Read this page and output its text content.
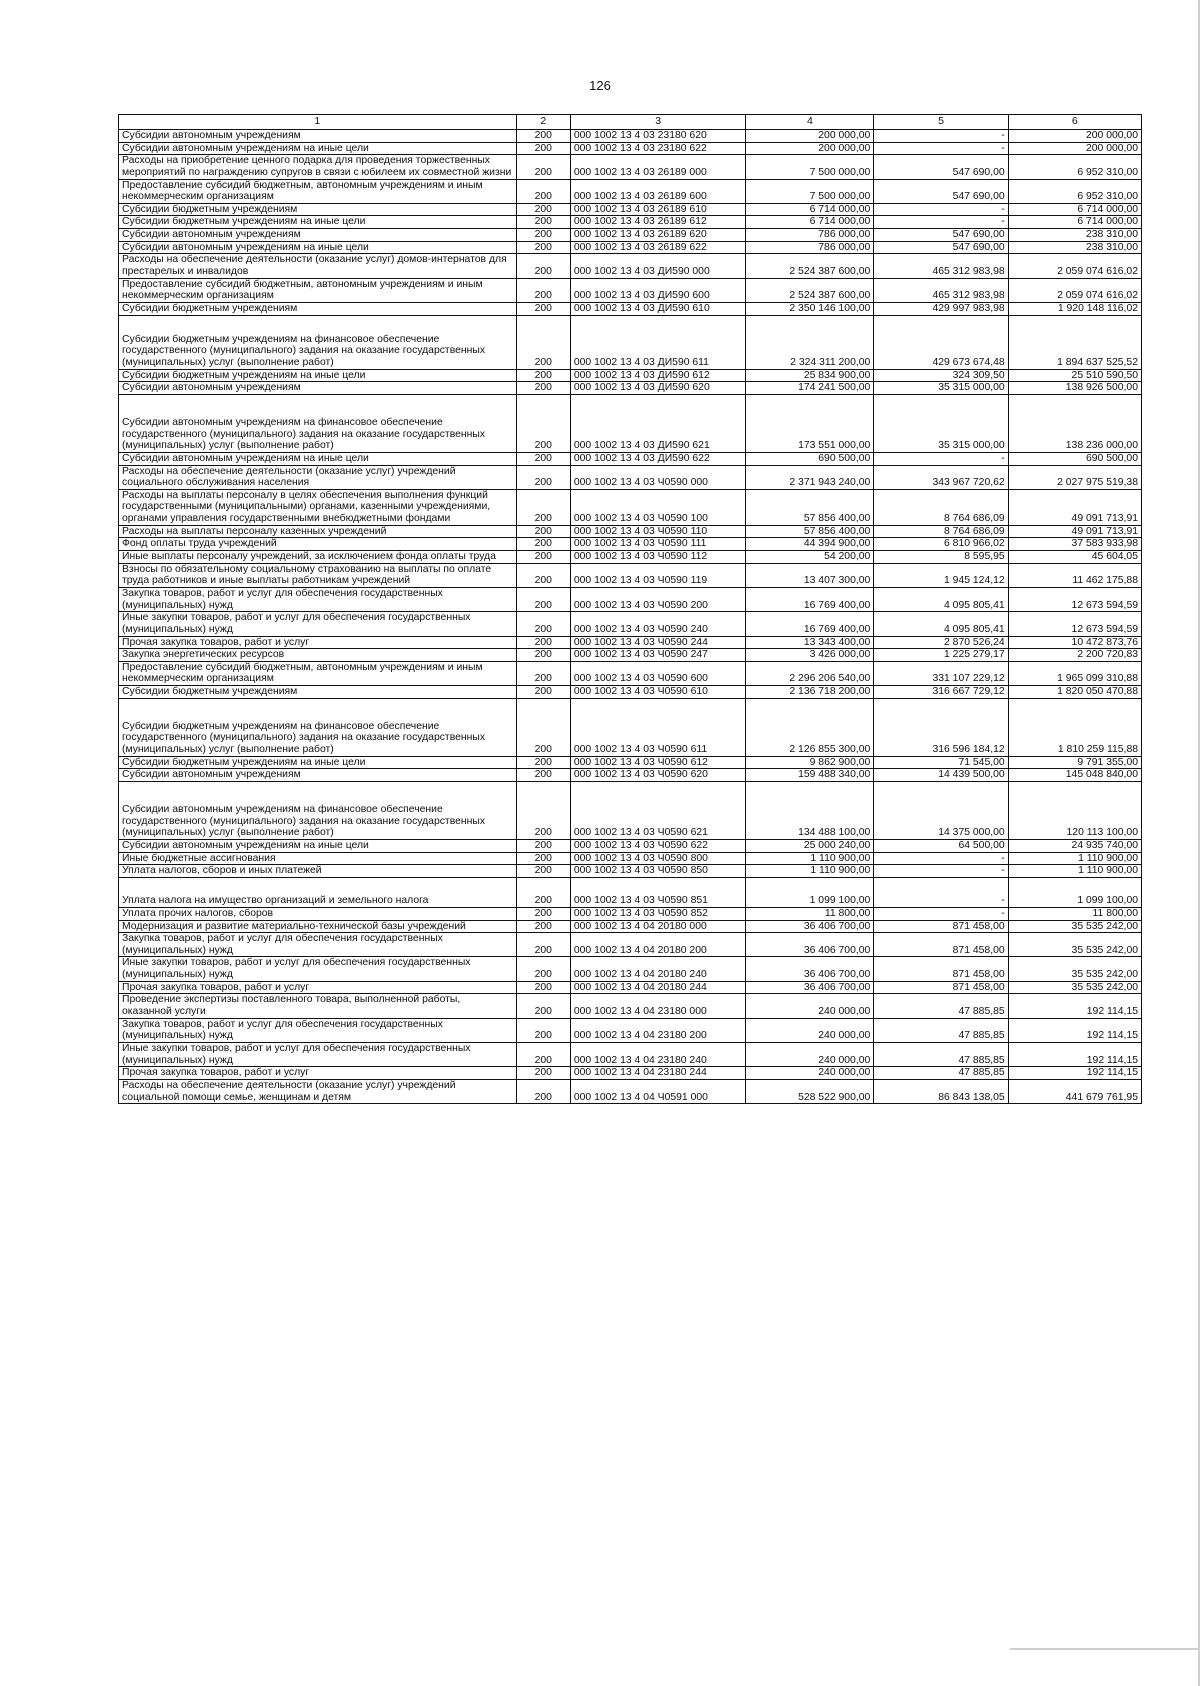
126
1	2	3	4	5	6
Субсидии автономным учреждениям	200	000 1002 13 4 03 23180 620	200 000,00	-	200 000,00
Субсидии автономным учреждениям на иные цели	200	000 1002 13 4 03 23180 622	200 000,00	-	200 000,00
Расходы на приобретение ценного подарка для проведения торжественных мероприятий по награждению супругов в связи с юбилеем их совместной жизни	200	000 1002 13 4 03 26189 000	7 500 000,00	547 690,00	6 952 310,00
Предоставление субсидий бюджетным, автономным учреждениям и иным некоммерческим организациям	200	000 1002 13 4 03 26189 600	7 500 000,00	547 690,00	6 952 310,00
Субсидии бюджетным учреждениям	200	000 1002 13 4 03 26189 610	6 714 000,00	-	6 714 000,00
Субсидии бюджетным учреждениям на иные цели	200	000 1002 13 4 03 26189 612	6 714 000,00	-	6 714 000,00
Субсидии автономным учреждениям	200	000 1002 13 4 03 26189 620	786 000,00	547 690,00	238 310,00
Субсидии автономным учреждениям на иные цели	200	000 1002 13 4 03 26189 622	786 000,00	547 690,00	238 310,00
Расходы на обеспечение деятельности (оказание услуг) домов-интернатов для престарелых и инвалидов	200	000 1002 13 4 03 ДИ590 000	2 524 387 600,00	465 312 983,98	2 059 074 616,02
Предоставление субсидий бюджетным, автономным учреждениям и иным некоммерческим организациям	200	000 1002 13 4 03 ДИ590 600	2 524 387 600,00	465 312 983,98	2 059 074 616,02
Субсидии бюджетным учреждениям	200	000 1002 13 4 03 ДИ590 610	2 350 146 100,00	429 997 983,98	1 920 148 116,02
Субсидии бюджетным учреждениям на финансовое обеспечение государственного (муниципального) задания на оказание государственных (муниципальных) услуг (выполнение работ)	200	000 1002 13 4 03 ДИ590 611	2 324 311 200,00	429 673 674,48	1 894 637 525,52
Субсидии бюджетным учреждениям на иные цели	200	000 1002 13 4 03 ДИ590 612	25 834 900,00	324 309,50	25 510 590,50
Субсидии автономным учреждениям	200	000 1002 13 4 03 ДИ590 620	174 241 500,00	35 315 000,00	138 926 500,00
Субсидии автономным учреждениям на финансовое обеспечение государственного (муниципального) задания на оказание государственных (муниципальных) услуг (выполнение работ)	200	000 1002 13 4 03 ДИ590 621	173 551 000,00	35 315 000,00	138 236 000,00
Субсидии автономным учреждениям на иные цели	200	000 1002 13 4 03 ДИ590 622	690 500,00	-	690 500,00
Расходы на обеспечение деятельности (оказание услуг) учреждений социального обслуживания населения	200	000 1002 13 4 03 Ч0590 000	2 371 943 240,00	343 967 720,62	2 027 975 519,38
Расходы на выплаты персоналу в целях обеспечения выполнения функций государственными (муниципальными) органами, казенными учреждениями, органами управления государственными внебюджетными фондами	200	000 1002 13 4 03 Ч0590 100	57 856 400,00	8 764 686,09	49 091 713,91
Расходы на выплаты персоналу казенных учреждений	200	000 1002 13 4 03 Ч0590 110	57 856 400,00	8 764 686,09	49 091 713,91
Фонд оплаты труда учреждений	200	000 1002 13 4 03 Ч0590 111	44 394 900,00	6 810 966,02	37 583 933,98
Иные выплаты персоналу учреждений, за исключением фонда оплаты труда	200	000 1002 13 4 03 Ч0590 112	54 200,00	8 595,95	45 604,05
Взносы по обязательному социальному страхованию на выплаты по оплате труда работников и иные выплаты работникам учреждений	200	000 1002 13 4 03 Ч0590 119	13 407 300,00	1 945 124,12	11 462 175,88
Закупка товаров, работ и услуг для обеспечения государственных (муниципальных) нужд	200	000 1002 13 4 03 Ч0590 200	16 769 400,00	4 095 805,41	12 673 594,59
Иные закупки товаров, работ и услуг для обеспечения государственных (муниципальных) нужд	200	000 1002 13 4 03 Ч0590 240	16 769 400,00	4 095 805,41	12 673 594,59
Прочая закупка товаров, работ и услуг	200	000 1002 13 4 03 Ч0590 244	13 343 400,00	2 870 526,24	10 472 873,76
Закупка энергетических ресурсов	200	000 1002 13 4 03 Ч0590 247	3 426 000,00	1 225 279,17	2 200 720,83
Предоставление субсидий бюджетным, автономным учреждениям и иным некоммерческим организациям	200	000 1002 13 4 03 Ч0590 600	2 296 206 540,00	331 107 229,12	1 965 099 310,88
Субсидии бюджетным учреждениям	200	000 1002 13 4 03 Ч0590 610	2 136 718 200,00	316 667 729,12	1 820 050 470,88
Субсидии бюджетным учреждениям на финансовое обеспечение государственного (муниципального) задания на оказание государственных (муниципальных) услуг (выполнение работ)	200	000 1002 13 4 03 Ч0590 611	2 126 855 300,00	316 596 184,12	1 810 259 115,88
Субсидии бюджетным учреждениям на иные цели	200	000 1002 13 4 03 Ч0590 612	9 862 900,00	71 545,00	9 791 355,00
Субсидии автономным учреждениям	200	000 1002 13 4 03 Ч0590 620	159 488 340,00	14 439 500,00	145 048 840,00
Субсидии автономным учреждениям на финансовое обеспечение государственного (муниципального) задания на оказание государственных (муниципальных) услуг (выполнение работ)	200	000 1002 13 4 03 Ч0590 621	134 488 100,00	14 375 000,00	120 113 100,00
Субсидии автономным учреждениям на иные цели	200	000 1002 13 4 03 Ч0590 622	25 000 240,00	64 500,00	24 935 740,00
Иные бюджетные ассигнования	200	000 1002 13 4 03 Ч0590 800	1 110 900,00	-	1 110 900,00
Уплата налогов, сборов и иных платежей	200	000 1002 13 4 03 Ч0590 850	1 110 900,00	-	1 110 900,00
Уплата налога на имущество организаций и земельного налога	200	000 1002 13 4 03 Ч0590 851	1 099 100,00	-	1 099 100,00
Уплата прочих налогов, сборов	200	000 1002 13 4 03 Ч0590 852	11 800,00	-	11 800,00
Модернизация и развитие материально-технической базы учреждений	200	000 1002 13 4 04 20180 000	36 406 700,00	871 458,00	35 535 242,00
Закупка товаров, работ и услуг для обеспечения государственных (муниципальных) нужд	200	000 1002 13 4 04 20180 200	36 406 700,00	871 458,00	35 535 242,00
Иные закупки товаров, работ и услуг для обеспечения государственных (муниципальных) нужд	200	000 1002 13 4 04 20180 240	36 406 700,00	871 458,00	35 535 242,00
Прочая закупка товаров, работ и услуг	200	000 1002 13 4 04 20180 244	36 406 700,00	871 458,00	35 535 242,00
Проведение экспертизы поставленного товара, выполненной работы, оказанной услуги	200	000 1002 13 4 04 23180 000	240 000,00	47 885,85	192 114,15
Закупка товаров, работ и услуг для обеспечения государственных (муниципальных) нужд	200	000 1002 13 4 04 23180 200	240 000,00	47 885,85	192 114,15
Иные закупки товаров, работ и услуг для обеспечения государственных (муниципальных) нужд	200	000 1002 13 4 04 23180 240	240 000,00	47 885,85	192 114,15
Прочая закупка товаров, работ и услуг	200	000 1002 13 4 04 23180 244	240 000,00	47 885,85	192 114,15
Расходы на обеспечение деятельности (оказание услуг) учреждений социальной помощи семье, женщинам и детям	200	000 1002 13 4 04 Ч0591 000	528 522 900,00	86 843 138,05	441 679 761,95
